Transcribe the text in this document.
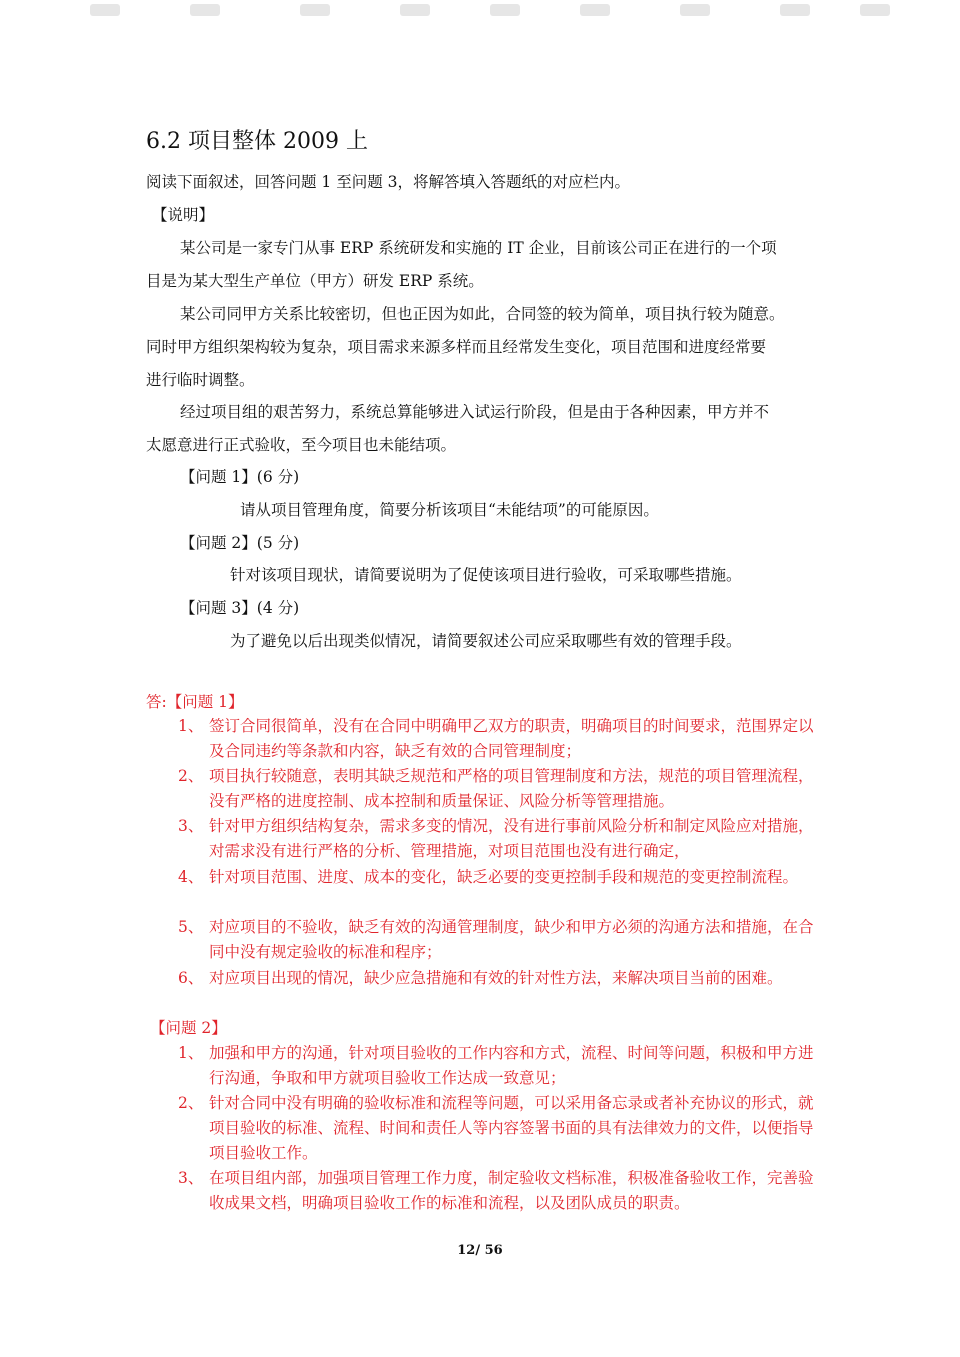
6.2 项目整体 2009 上
阅读下面叙述，回答问题 1 至问题 3，将解答填入答题纸的对应栏内。
【说明】
某公司是一家专门从事 ERP 系统研发和实施的 IT 企业，目前该公司正在进行的一个项
目是为某大型生产单位（甲方）研发 ERP 系统。
某公司同甲方关系比较密切，但也正因为如此，合同签的较为简单，项目执行较为随意。
同时甲方组织架构较为复杂，项目需求来源多样而且经常发生变化，项目范围和进度经常要
进行临时调整。
经过项目组的艰苦努力，系统总算能够进入试运行阶段，但是由于各种因素，甲方并不
太愿意进行正式验收，至今项目也未能结项。
【问题 1】(6 分)
请从项目管理角度，简要分析该项目“未能结项”的可能原因。
【问题 2】(5 分)
针对该项目现状，请简要说明为了促使该项目进行验收，可采取哪些措施。
【问题 3】(4 分)
为了避免以后出现类似情况，请简要叙述公司应采取哪些有效的管理手段。
答:【问题 1】
1、 签订合同很简单，没有在合同中明确甲乙双方的职责，明确项目的时间要求，范围界定以及合同违约等条款和内容，缺乏有效的合同管理制度；
2、 项目执行较随意，表明其缺乏规范和严格的项目管理制度和方法，规范的项目管理流程，没有严格的进度控制、成本控制和质量保证、风险分析等管理措施。
3、 针对甲方组织结构复杂，需求多变的情况，没有进行事前风险分析和制定风险应对措施，对需求没有进行严格的分析、管理措施，对项目范围也没有进行确定，
4、 针对项目范围、进度、成本的变化，缺乏必要的变更控制手段和规范的变更控制流程。
5、 对应项目的不验收，缺乏有效的沟通管理制度，缺少和甲方必须的沟通方法和措施，在合同中没有规定验收的标准和程序；
6、 对应项目出现的情况，缺少应急措施和有效的针对性方法，来解决项目当前的困难。
【问题 2】
1、 加强和甲方的沟通，针对项目验收的工作内容和方式，流程、时间等问题，积极和甲方进行沟通，争取和甲方就项目验收工作达成一致意见；
2、 针对合同中没有明确的验收标准和流程等问题，可以采用备忘录或者补充协议的形式，就项目验收的标准、流程、时间和责任人等内容签署书面的具有法律效力的文件，以便指导项目验收工作。
3、 在项目组内部，加强项目管理工作力度，制定验收文档标准，积极准备验收工作，完善验收成果文档，明确项目验收工作的标准和流程，以及团队成员的职责。
12/ 56
